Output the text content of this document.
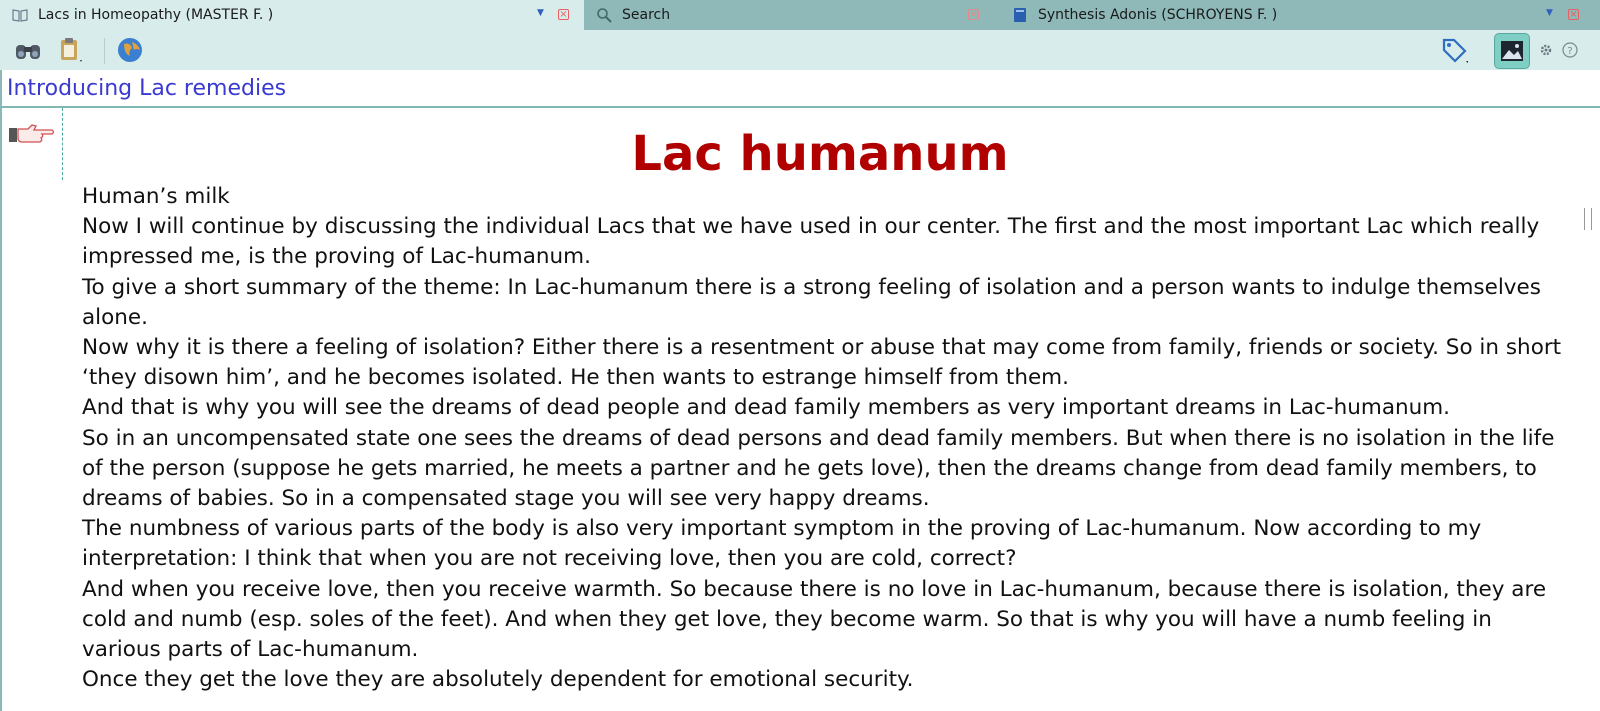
Lacs in Homeopathy (MASTER F. )	▼ ×	Search	×	Synthesis Adonis (SCHROYENS F. )	▼ ×
?
Introducing Lac remedies
Lac humanum

Human’s milk

Now I will continue by discussing the individual Lacs that we have used in our center. The first and the most important Lac which really impressed me, is the proving of Lac-humanum.

To give a short summary of the theme: In Lac-humanum there is a strong feeling of isolation and a person wants to indulge themselves alone.

Now why it is there a feeling of isolation? Either there is a resentment or abuse that may come from family, friends or society. So in short ‘they disown him’, and he becomes isolated. He then wants to estrange himself from them.

And that is why you will see the dreams of dead people and dead family members as very important dreams in Lac-humanum.

So in an uncompensated state one sees the dreams of dead persons and dead family members. But when there is no isolation in the life of the person (suppose he gets married, he meets a partner and he gets love), then the dreams change from dead family members, to dreams of babies. So in a compensated stage you will see very happy dreams.

The numbness of various parts of the body is also very important symptom in the proving of Lac-humanum. Now according to my interpretation: I think that when you are not receiving love, then you are cold, correct?

And when you receive love, then you receive warmth. So because there is no love in Lac-humanum, because there is isolation, they are cold and numb (esp. soles of the feet). And when they get love, they become warm. So that is why you will have a numb feeling in various parts of Lac-humanum.

Once they get the love they are absolutely dependent for emotional security.
